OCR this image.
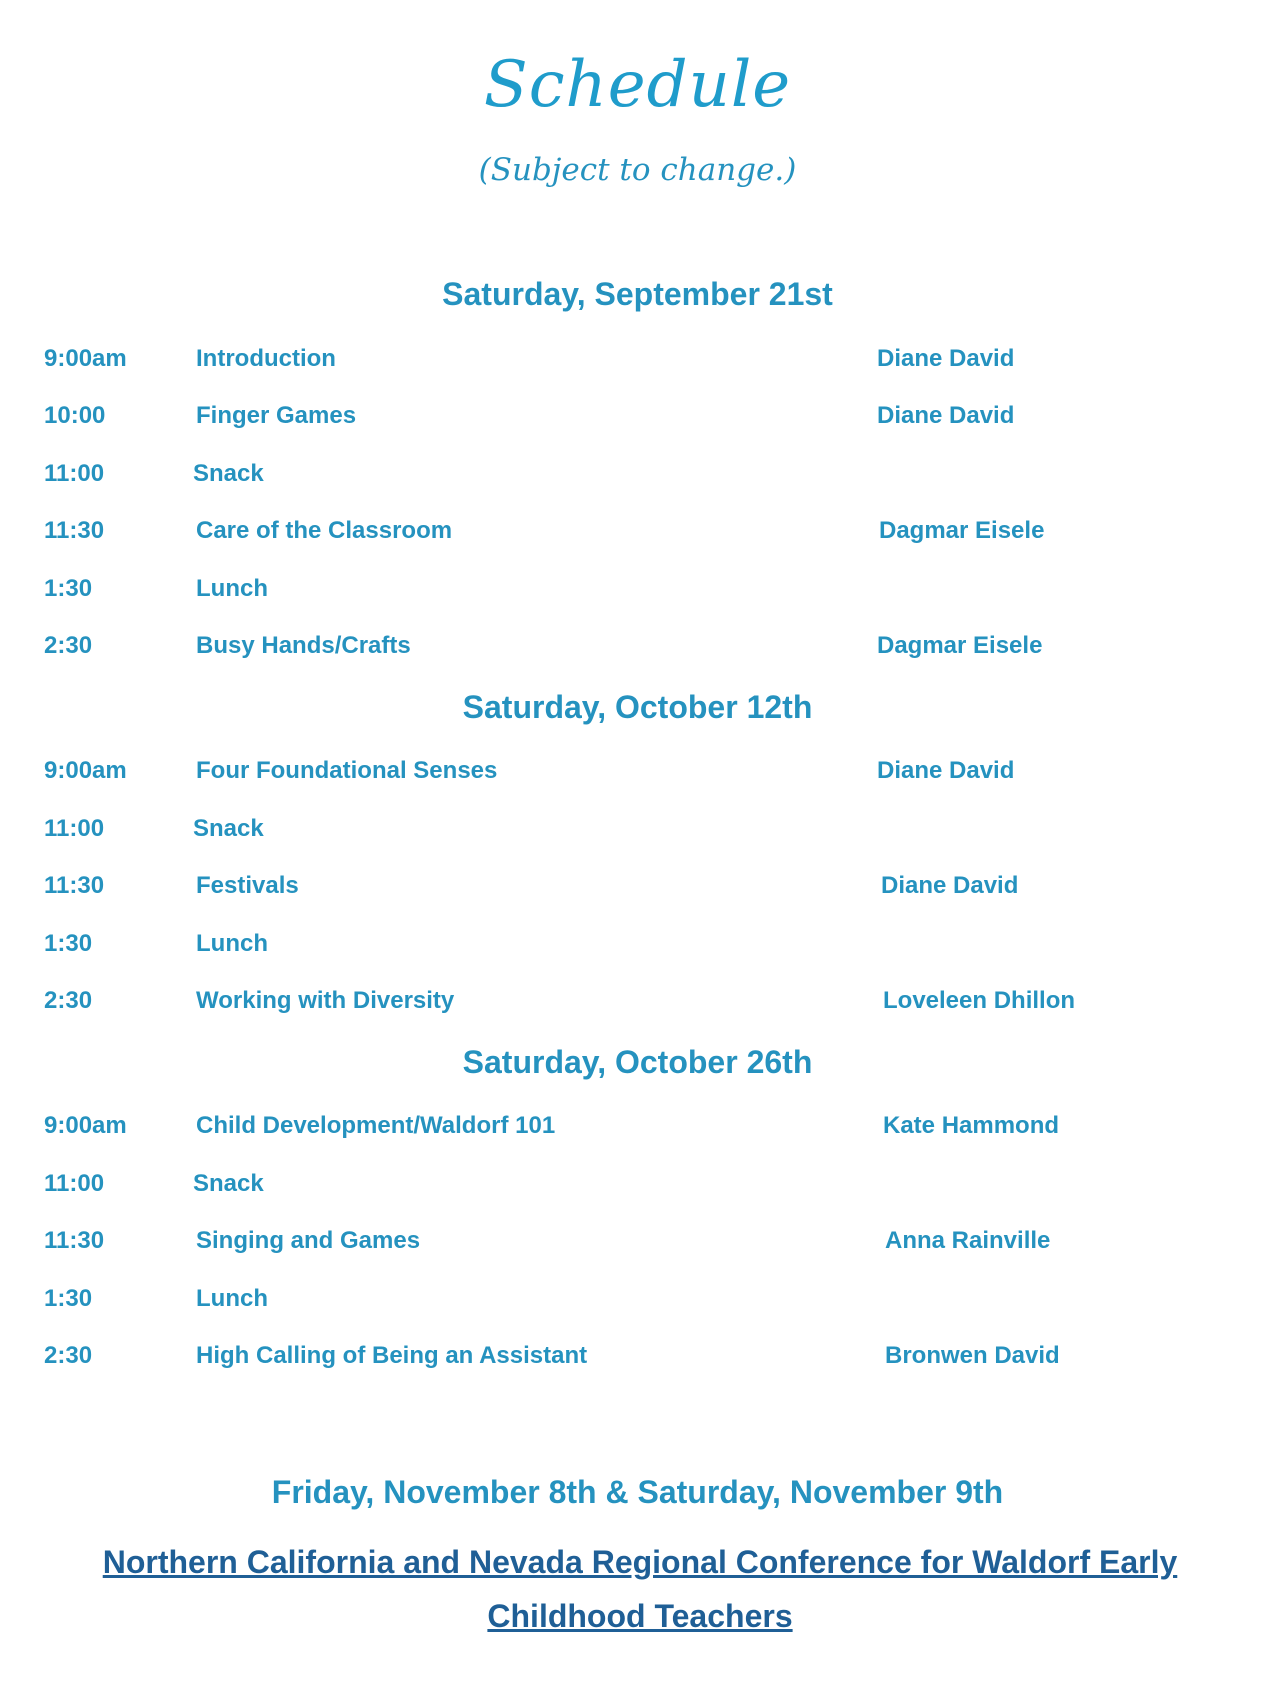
Schedule
(Subject to change.)
Saturday, September 21st
9:00am	Introduction	Diane David
10:00	Finger Games	Diane David
11:00	Snack
11:30	Care of the Classroom	Dagmar Eisele
1:30	Lunch
2:30	Busy Hands/Crafts	Dagmar Eisele
Saturday, October 12th
9:00am	Four Foundational Senses	Diane David
11:00	Snack
11:30	Festivals	Diane David
1:30	Lunch
2:30	Working with Diversity	Loveleen Dhillon
Saturday, October 26th
9:00am	Child Development/Waldorf 101	Kate Hammond
11:00	Snack
11:30	Singing and Games	Anna Rainville
1:30	Lunch
2:30	High Calling of Being an Assistant	Bronwen David
Friday, November 8th & Saturday, November 9th
Northern California and Nevada Regional Conference for Waldorf Early Childhood Teachers
